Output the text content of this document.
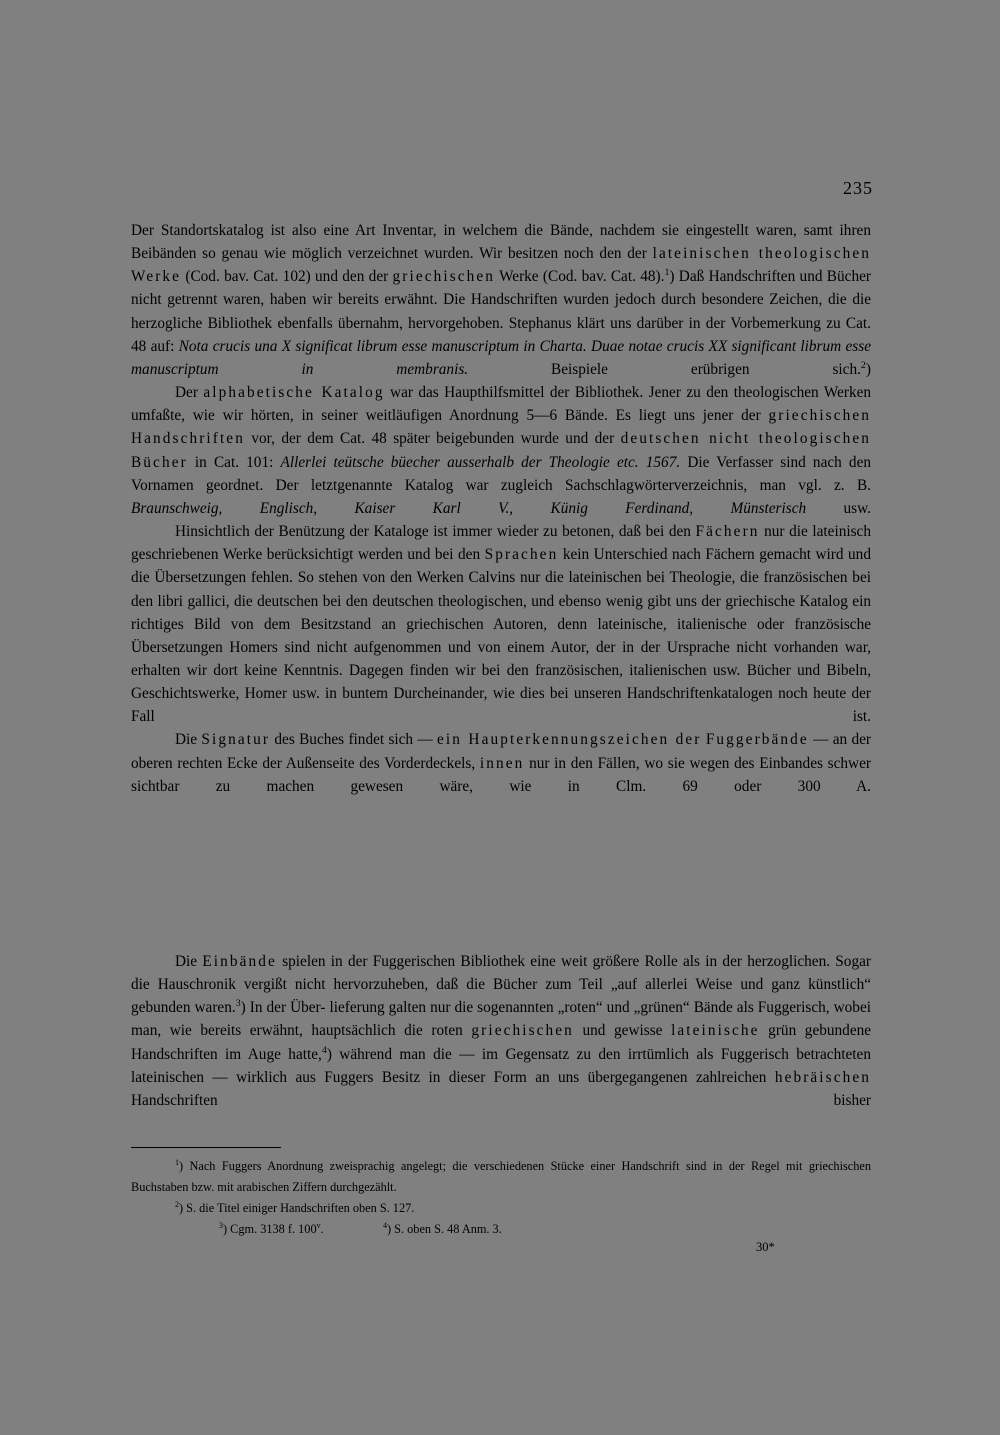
235

Der Standortskatalog ist also eine Art Inventar, in welchem die Bände, nachdem sie eingestellt waren, samt ihren Beibänden so genau wie möglich verzeichnet wurden. Wir besitzen noch den der lateinischen theologischen Werke (Cod. bav. Cat. 102) und den der griechischen Werke (Cod. bav. Cat. 48).$^1$) Daß Handschriften und Bücher nicht getrennt waren, haben wir bereits erwähnt. Die Handschriften wurden jedoch durch besondere Zeichen, die die herzogliche Bibliothek ebenfalls übernahm, hervorgehoben. Stephanus klärt uns darüber in der Vorbemerkung zu Cat. 48 auf: Nota crucis una X significat librum esse manuscriptum in Charta. Duae notae crucis XX significant librum esse manuscriptum in membranis.	Beispiele erübrigen sich.$^2$)

Der alphabetische Katalog war das Haupthilfsmittel der Bibliothek. Jener zu den theologischen Werken umfaßte, wie wir hörten, in seiner weitläufigen Anordnung 5—6 Bände. Es liegt uns jener der griechischen Handschriften vor, der dem Cat. 48 später beigebunden wurde und der deutschen nicht theologischen Bücher in Cat. 101: Allerlei teütsche büecher ausserhalb der Theologie etc. 1567. Die Verfasser sind nach den Vornamen geordnet. Der letztgenannte Katalog war zugleich Sachschlagwörterverzeichnis, man vgl. z. B. Braunschweig, Englisch, Kaiser Karl V., Künig Ferdinand, Münsterisch usw.

Hinsichtlich der Benützung der Kataloge ist immer wieder zu betonen, daß bei den Fächern nur die lateinisch geschriebenen Werke berücksichtigt werden und bei den Sprachen kein Unterschied nach Fächern gemacht wird und die Übersetzungen fehlen. So stehen von den Werken Calvins nur die lateinischen bei Theologie, die französischen bei den libri gallici, die deutschen bei den deutschen theologischen, und ebenso wenig gibt uns der griechische Katalog ein richtiges Bild von dem Besitzstand an griechischen Autoren, denn lateinische, italienische oder französische Übersetzungen Homers sind nicht aufgenommen und von einem Autor, der in der Ursprache nicht vorhanden war, erhalten wir dort keine Kenntnis. Dagegen finden wir bei den französischen, italienischen usw. Bücher und Bibeln, Geschichtswerke, Homer usw. in buntem Durcheinander, wie dies bei unseren Handschriftenkatalogen noch heute der Fall ist.

Die Signatur des Buches findet sich — ein Haupterkennungszeichen der Fuggerbände — an der oberen rechten Ecke der Außenseite des Vorderdeckels, innen nur in den Fällen, wo sie wegen des Einbandes schwer sichtbar zu machen gewesen wäre, wie in Clm. 69 oder 300 A.

Die Einbände spielen in der Fuggerischen Bibliothek eine weit größere Rolle als in der herzoglichen. Sogar die Hauschronik vergißt nicht hervorzuheben, daß die Bücher zum Teil „auf allerlei Weise und ganz künstlich“ gebunden waren.$^3$) In der Über- lieferung galten nur die sogenannten „roten“ und „grünen“ Bände als Fuggerisch, wobei man, wie bereits erwähnt, hauptsächlich die roten griechischen und gewisse lateinische grün gebundene Handschriften im Auge hatte,$^4$) während man die — im Gegensatz zu den irrtümlich als Fuggerisch betrachteten lateinischen — wirklich aus Fuggers Besitz in dieser Form an uns übergegangenen zahlreichen hebräischen Handschriften bisher

$^1$) Nach Fuggers Anordnung zweisprachig angelegt; die verschiedenen Stücke einer Handschrift sind in der Regel mit griechischen Buchstaben bzw. mit arabischen Ziffern durchgezählt.

$^2$) S. die Titel einiger Handschriften oben S. 127.

$^3$) Cgm. 3138 f. 100$^v$.	$^4$) S. oben S. 48 Anm. 3.

30*
